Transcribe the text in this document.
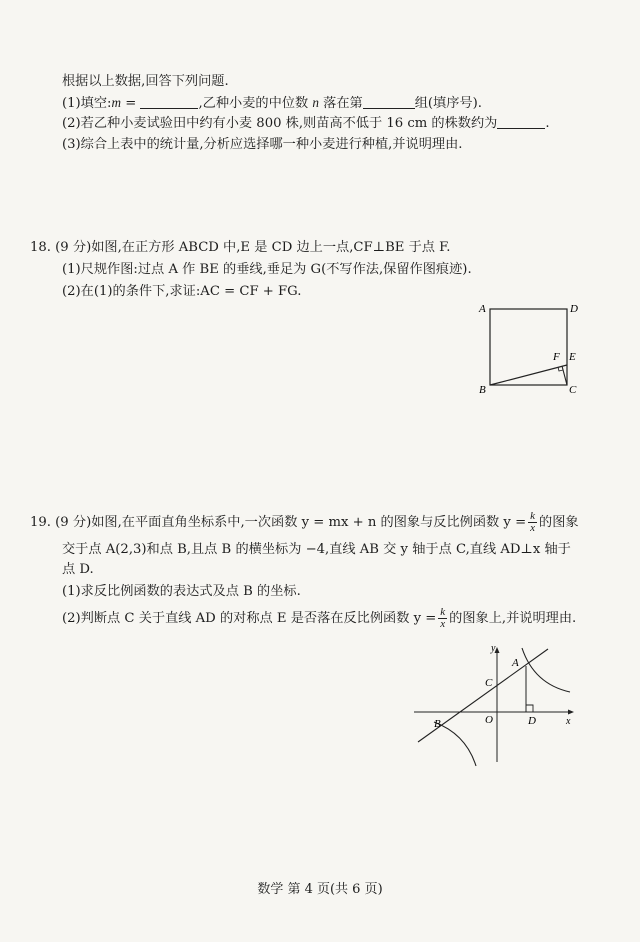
根据以上数据,回答下列问题.
(1)填空:m =	,乙种小麦的中位数 n 落在第	组(填序号).
(2)若乙种小麦试验田中约有小麦 800 株,则苗高不低于 16 cm 的株数约为	.
(3)综合上表中的统计量,分析应选择哪一种小麦进行种植,并说明理由.
18. (9 分)如图,在正方形 ABCD 中,E 是 CD 边上一点,CF⊥BE 于点 F.
(1)尺规作图:过点 A 作 BE 的垂线,垂足为 G(不写作法,保留作图痕迹).
(2)在(1)的条件下,求证:AC = CF + FG.
A	D
E
F
B	C
19. (9 分)如图,在平面直角坐标系中,一次函数 y = mx + n 的图象与反比例函数 $y = \frac{k}{x}$ 的图象
交于点 A(2,3)和点 B,且点 B 的横坐标为 −4,直线 AB 交 y 轴于点 C,直线 AD⊥x 轴于
点 D.
(1)求反比例函数的表达式及点 B 的坐标.
(2)判断点 C 关于直线 AD 的对称点 E 是否落在反比例函数 $y = \frac{k}{x}$ 的图象上,并说明理由.
y
x
A
C
O	D
B
数学 第 4 页(共 6 页)
